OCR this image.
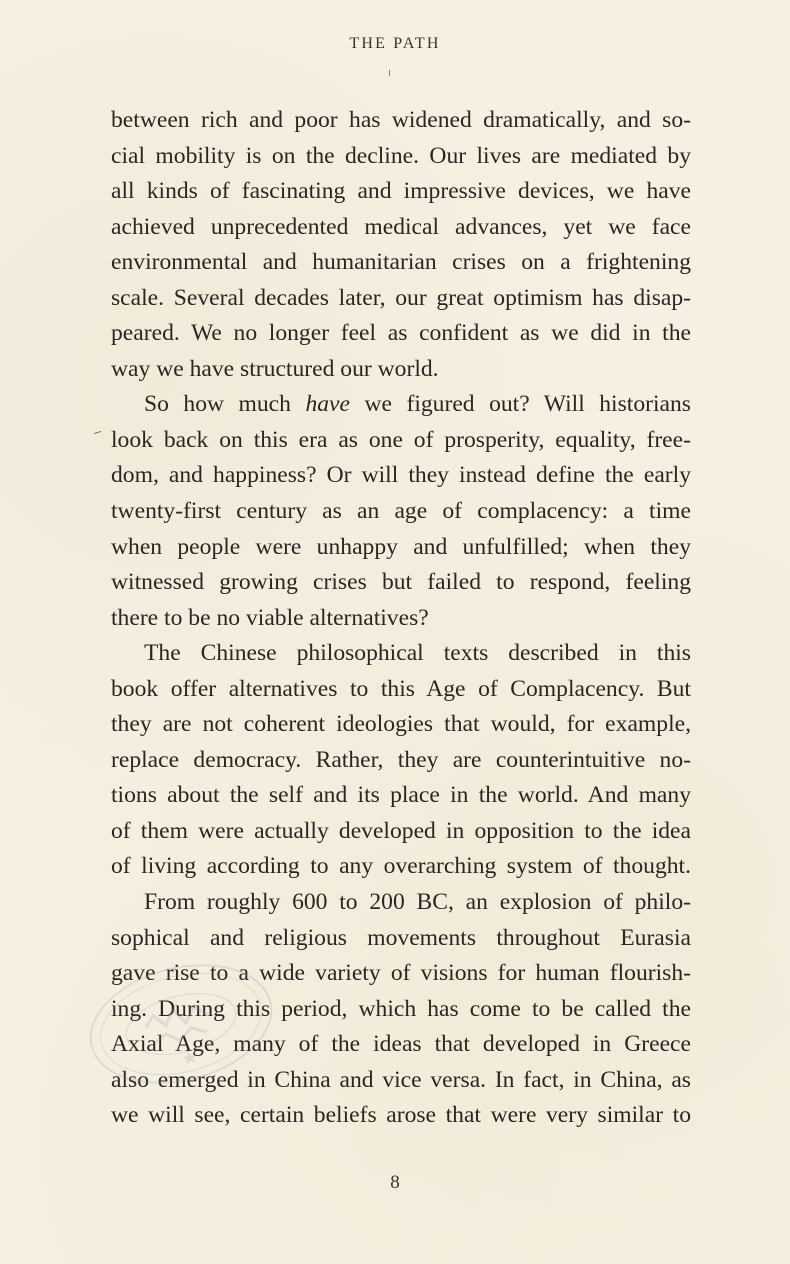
THE PATH
between rich and poor has widened dramatically, and so-
cial mobility is on the decline. Our lives are mediated by
all kinds of fascinating and impressive devices, we have
achieved unprecedented medical advances, yet we face
environmental and humanitarian crises on a frightening
scale. Several decades later, our great optimism has disap-
peared. We no longer feel as confident as we did in the
way we have structured our world.
So how much have we figured out? Will historians
look back on this era as one of prosperity, equality, free-
dom, and happiness? Or will they instead define the early
twenty-first century as an age of complacency: a time
when people were unhappy and unfulfilled; when they
witnessed growing crises but failed to respond, feeling
there to be no viable alternatives?
The Chinese philosophical texts described in this
book offer alternatives to this Age of Complacency. But
they are not coherent ideologies that would, for example,
replace democracy. Rather, they are counterintuitive no-
tions about the self and its place in the world. And many
of them were actually developed in opposition to the idea
of living according to any overarching system of thought.
From roughly 600 to 200 BC, an explosion of philo-
sophical and religious movements throughout Eurasia
gave rise to a wide variety of visions for human flourish-
ing. During this period, which has come to be called the
Axial Age, many of the ideas that developed in Greece
also emerged in China and vice versa. In fact, in China, as
we will see, certain beliefs arose that were very similar to
8
